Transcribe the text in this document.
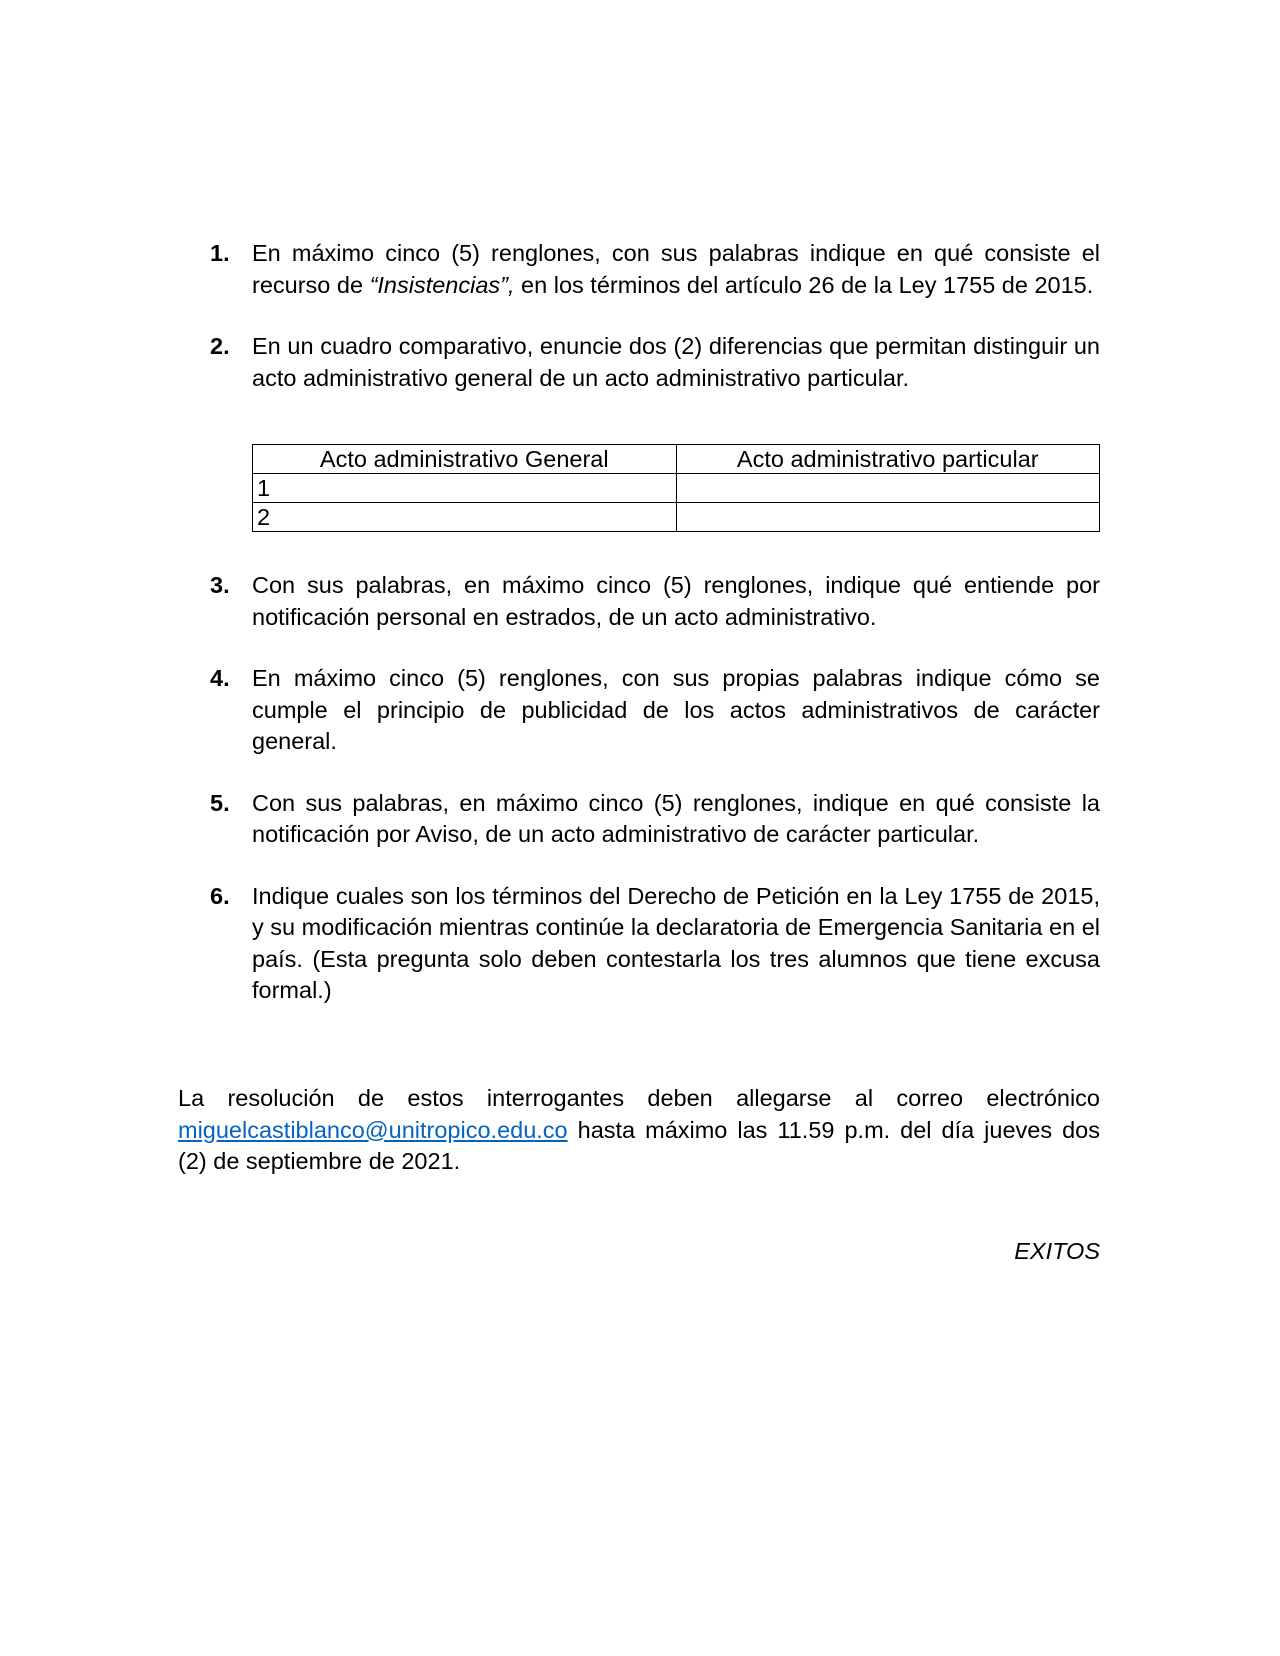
1. En máximo cinco (5) renglones, con sus palabras indique en qué consiste el recurso de “Insistencias”, en los términos del artículo 26 de la Ley 1755 de 2015.
2. En un cuadro comparativo, enuncie dos (2) diferencias que permitan distinguir un acto administrativo general de un acto administrativo particular.
Acto administrativo General	Acto administrativo particular
1	
2	
3. Con sus palabras, en máximo cinco (5) renglones, indique qué entiende por notificación personal en estrados, de un acto administrativo.
4. En máximo cinco (5) renglones, con sus propias palabras indique cómo se cumple el principio de publicidad de los actos administrativos de carácter general.
5. Con sus palabras, en máximo cinco (5) renglones, indique en qué consiste la notificación por Aviso, de un acto administrativo de carácter particular.
6. Indique cuales son los términos del Derecho de Petición en la Ley 1755 de 2015, y su modificación mientras continúe la declaratoria de Emergencia Sanitaria en el país. (Esta pregunta solo deben contestarla los tres alumnos que tiene excusa formal.)

La resolución de estos interrogantes deben allegarse al correo electrónico miguelcastiblanco@unitropico.edu.co hasta máximo las 11.59 p.m. del día jueves dos (2) de septiembre de 2021.

EXITOS
